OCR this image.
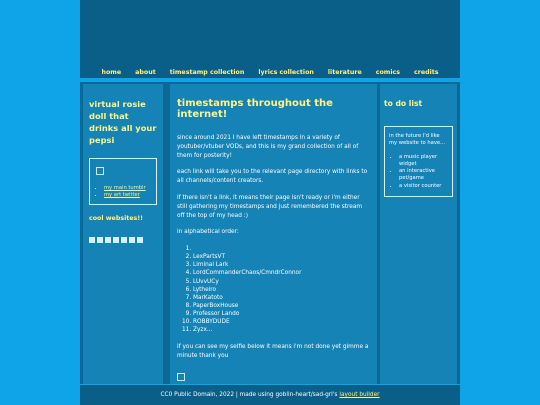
home	about	timestamp collection	lyrics collection	literature	comics	credits
virtual rosie doll that drinks all your pepsi
• my main tumblr
• my art twitter
cool websites!!
timestamps throughout the internet!

since around 2021 I have left timestamps in a variety of youtuber/vtuber VODs, and this is my grand collection of all of them for posterity!

each link will take you to the relevant page directory with links to all channels/content creators.

if there isn't a link, it means their page isn't ready or i'm either still gathering my timestamps and just remembered the stream off the top of my head :)

in alphabetical order:

1.
2. LexPartsVT
3. Liminal Lark
4. LordCommanderChaos/CmndrConnor
5. LUvvUCy
6. Lytheiro
7. MarKatoto
8. PaperBoxHouse
9. Professor Lando
10. ROBBYDUDE
11. Zyzx...

if you can see my selfie below it means i'm not done yet gimme a minute thank you

to do list

in the future I'd like my website to have...

• a music player widget
• an interactive pet/game
• a visitor counter
CC0 Public Domain, 2022 | made using goblin-heart/sad-grl's layout builder
